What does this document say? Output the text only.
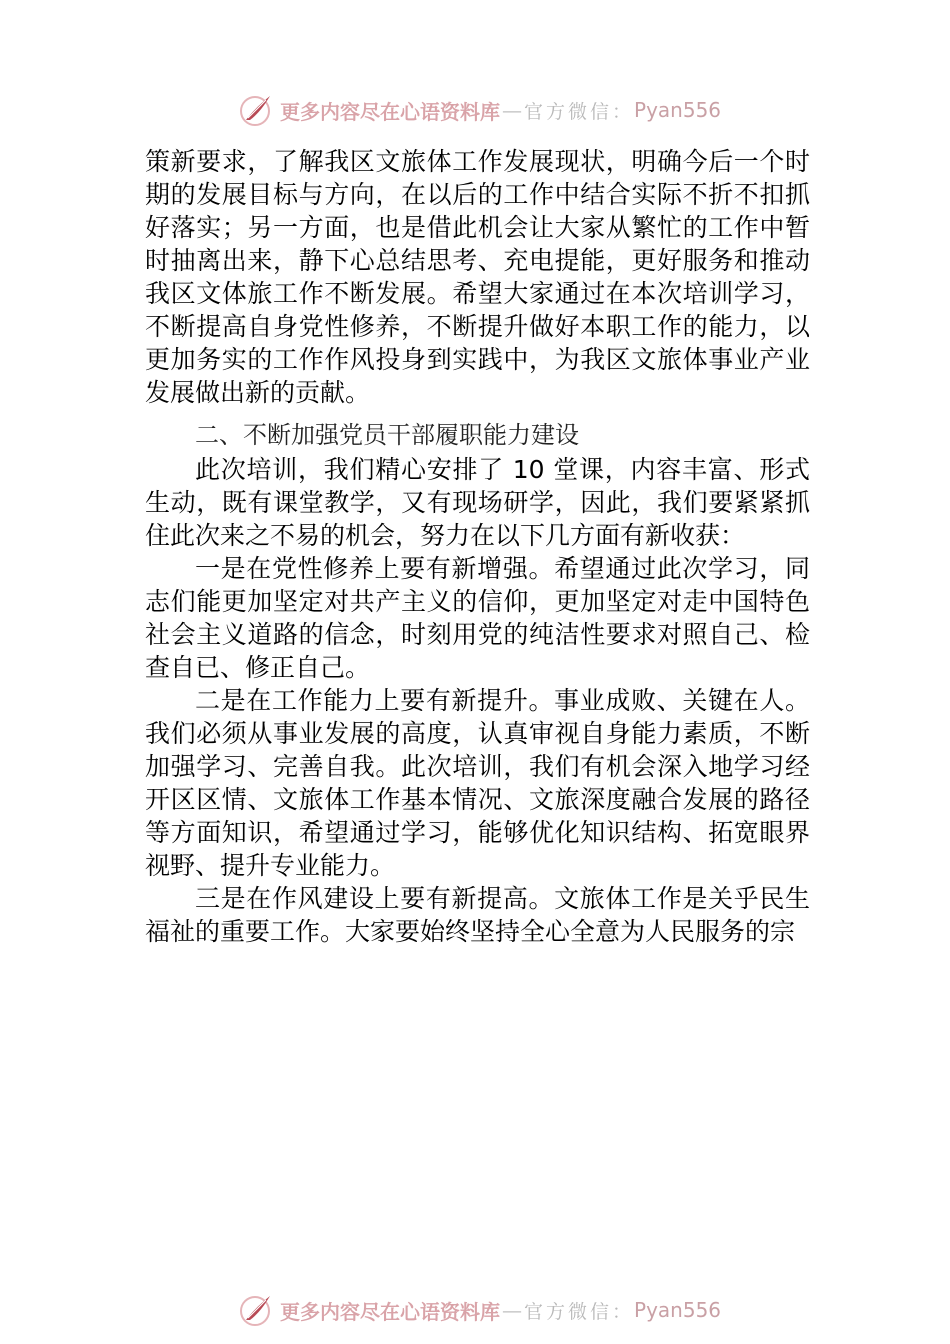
更多内容尽在心语资料库 — 官方微信： Pyan556

策新要求，了解我区文旅体工作发展现状，明确今后一个时期的发展目标与方向，在以后的工作中结合实际不折不扣抓好落实；另一方面，也是借此机会让大家从繁忙的工作中暂时抽离出来，静下心总结思考、充电提能，更好服务和推动我区文体旅工作不断发展。希望大家通过在本次培训学习，不断提高自身党性修养，不断提升做好本职工作的能力，以更加务实的工作作风投身到实践中，为我区文旅体事业产业发展做出新的贡献。

二、不断加强党员干部履职能力建设

此次培训，我们精心安排了 10 堂课，内容丰富、形式生动，既有课堂教学，又有现场研学，因此，我们要紧紧抓住此次来之不易的机会，努力在以下几方面有新收获：

一是在党性修养上要有新增强。希望通过此次学习，同志们能更加坚定对共产主义的信仰，更加坚定对走中国特色社会主义道路的信念，时刻用党的纯洁性要求对照自己、检查自已、修正自己。

二是在工作能力上要有新提升。事业成败、关键在人。我们必须从事业发展的高度，认真审视自身能力素质，不断加强学习、完善自我。此次培训，我们有机会深入地学习经开区区情、文旅体工作基本情况、文旅深度融合发展的路径等方面知识，希望通过学习，能够优化知识结构、拓宽眼界视野、提升专业能力。

三是在作风建设上要有新提高。文旅体工作是关乎民生福祉的重要工作。大家要始终坚持全心全意为人民服务的宗

更多内容尽在心语资料库 — 官方微信： Pyan556
